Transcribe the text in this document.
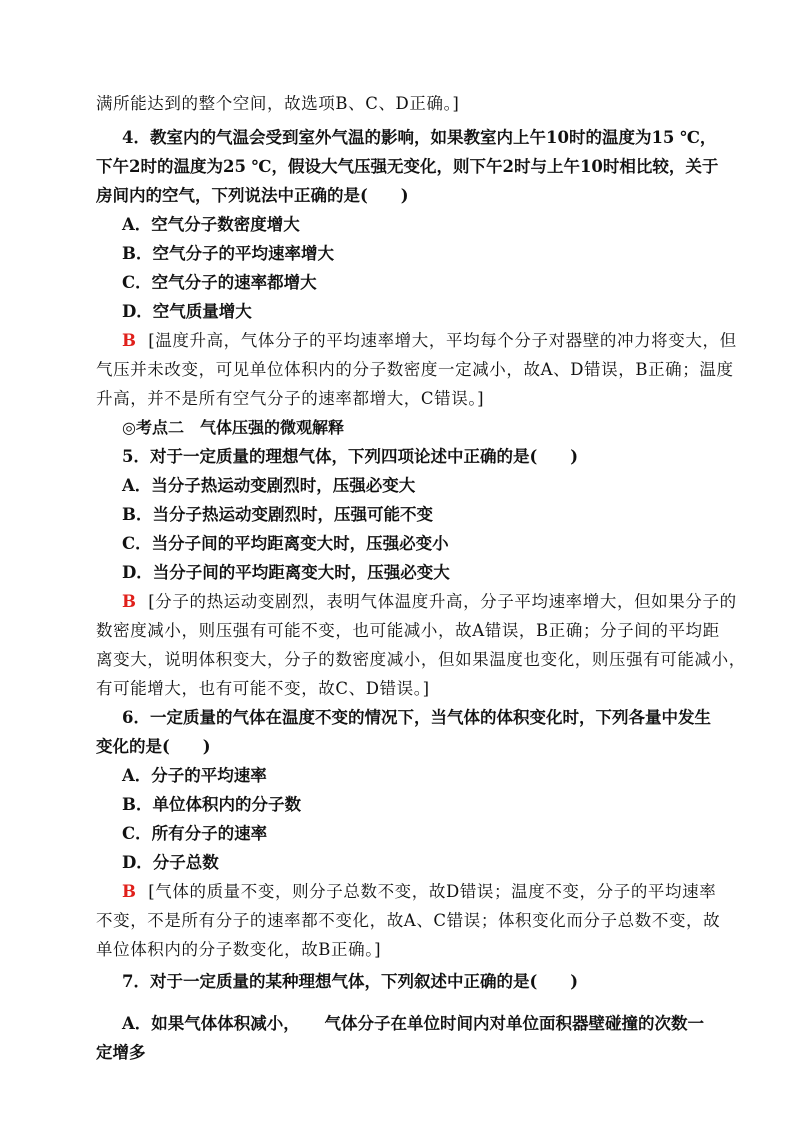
满所能达到的整个空间，故选项B、C、D正确。]
4．教室内的气温会受到室外气温的影响，如果教室内上午10时的温度为15 ℃，
下午2时的温度为25 ℃，假设大气压强无变化，则下午2时与上午10时相比较，关于
房间内的空气，下列说法中正确的是(　　)
A．空气分子数密度增大
B．空气分子的平均速率增大
C．空气分子的速率都增大
D．空气质量增大
B [温度升高，气体分子的平均速率增大，平均每个分子对器壁的冲力将变大，但
气压并未改变，可见单位体积内的分子数密度一定减小，故A、D错误，B正确；温度
升高，并不是所有空气分子的速率都增大，C错误。]
◎考点二　气体压强的微观解释
5．对于一定质量的理想气体，下列四项论述中正确的是(　　)
A．当分子热运动变剧烈时，压强必变大
B．当分子热运动变剧烈时，压强可能不变
C．当分子间的平均距离变大时，压强必变小
D．当分子间的平均距离变大时，压强必变大
B [分子的热运动变剧烈，表明气体温度升高，分子平均速率增大，但如果分子的
数密度减小，则压强有可能不变，也可能减小，故A错误，B正确；分子间的平均距
离变大，说明体积变大，分子的数密度减小，但如果温度也变化，则压强有可能减小，
有可能增大，也有可能不变，故C、D错误。]
6．一定质量的气体在温度不变的情况下，当气体的体积变化时，下列各量中发生
变化的是(　　)
A．分子的平均速率
B．单位体积内的分子数
C．所有分子的速率
D．分子总数
B [气体的质量不变，则分子总数不变，故D错误；温度不变，分子的平均速率
不变，不是所有分子的速率都不变化，故A、C错误；体积变化而分子总数不变，故
单位体积内的分子数变化，故B正确。]
7．对于一定质量的某种理想气体，下列叙述中正确的是(　　)
A．如果气体体积减小，　　气体分子在单位时间内对单位面积器壁碰撞的次数一
定增多
